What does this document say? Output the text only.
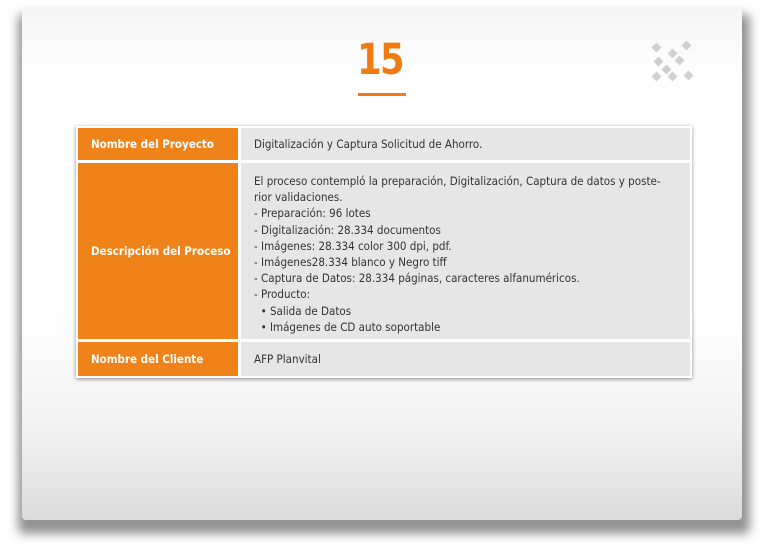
15
Nombre del Proyecto	Digitalización y Captura Solicitud de Ahorro.
Descripción del Proceso
El proceso contempló la preparación, Digitalización, Captura de datos y poste-
rior validaciones.
- Preparación: 96 lotes
- Digitalización: 28.334 documentos
- Imágenes: 28.334 color 300 dpi, pdf.
- Imágenes28.334 blanco y Negro tiff
- Captura de Datos: 28.334 páginas, caracteres alfanuméricos.
- Producto:
• Salida de Datos
• Imágenes de CD auto soportable
Nombre del Cliente	AFP Planvital
